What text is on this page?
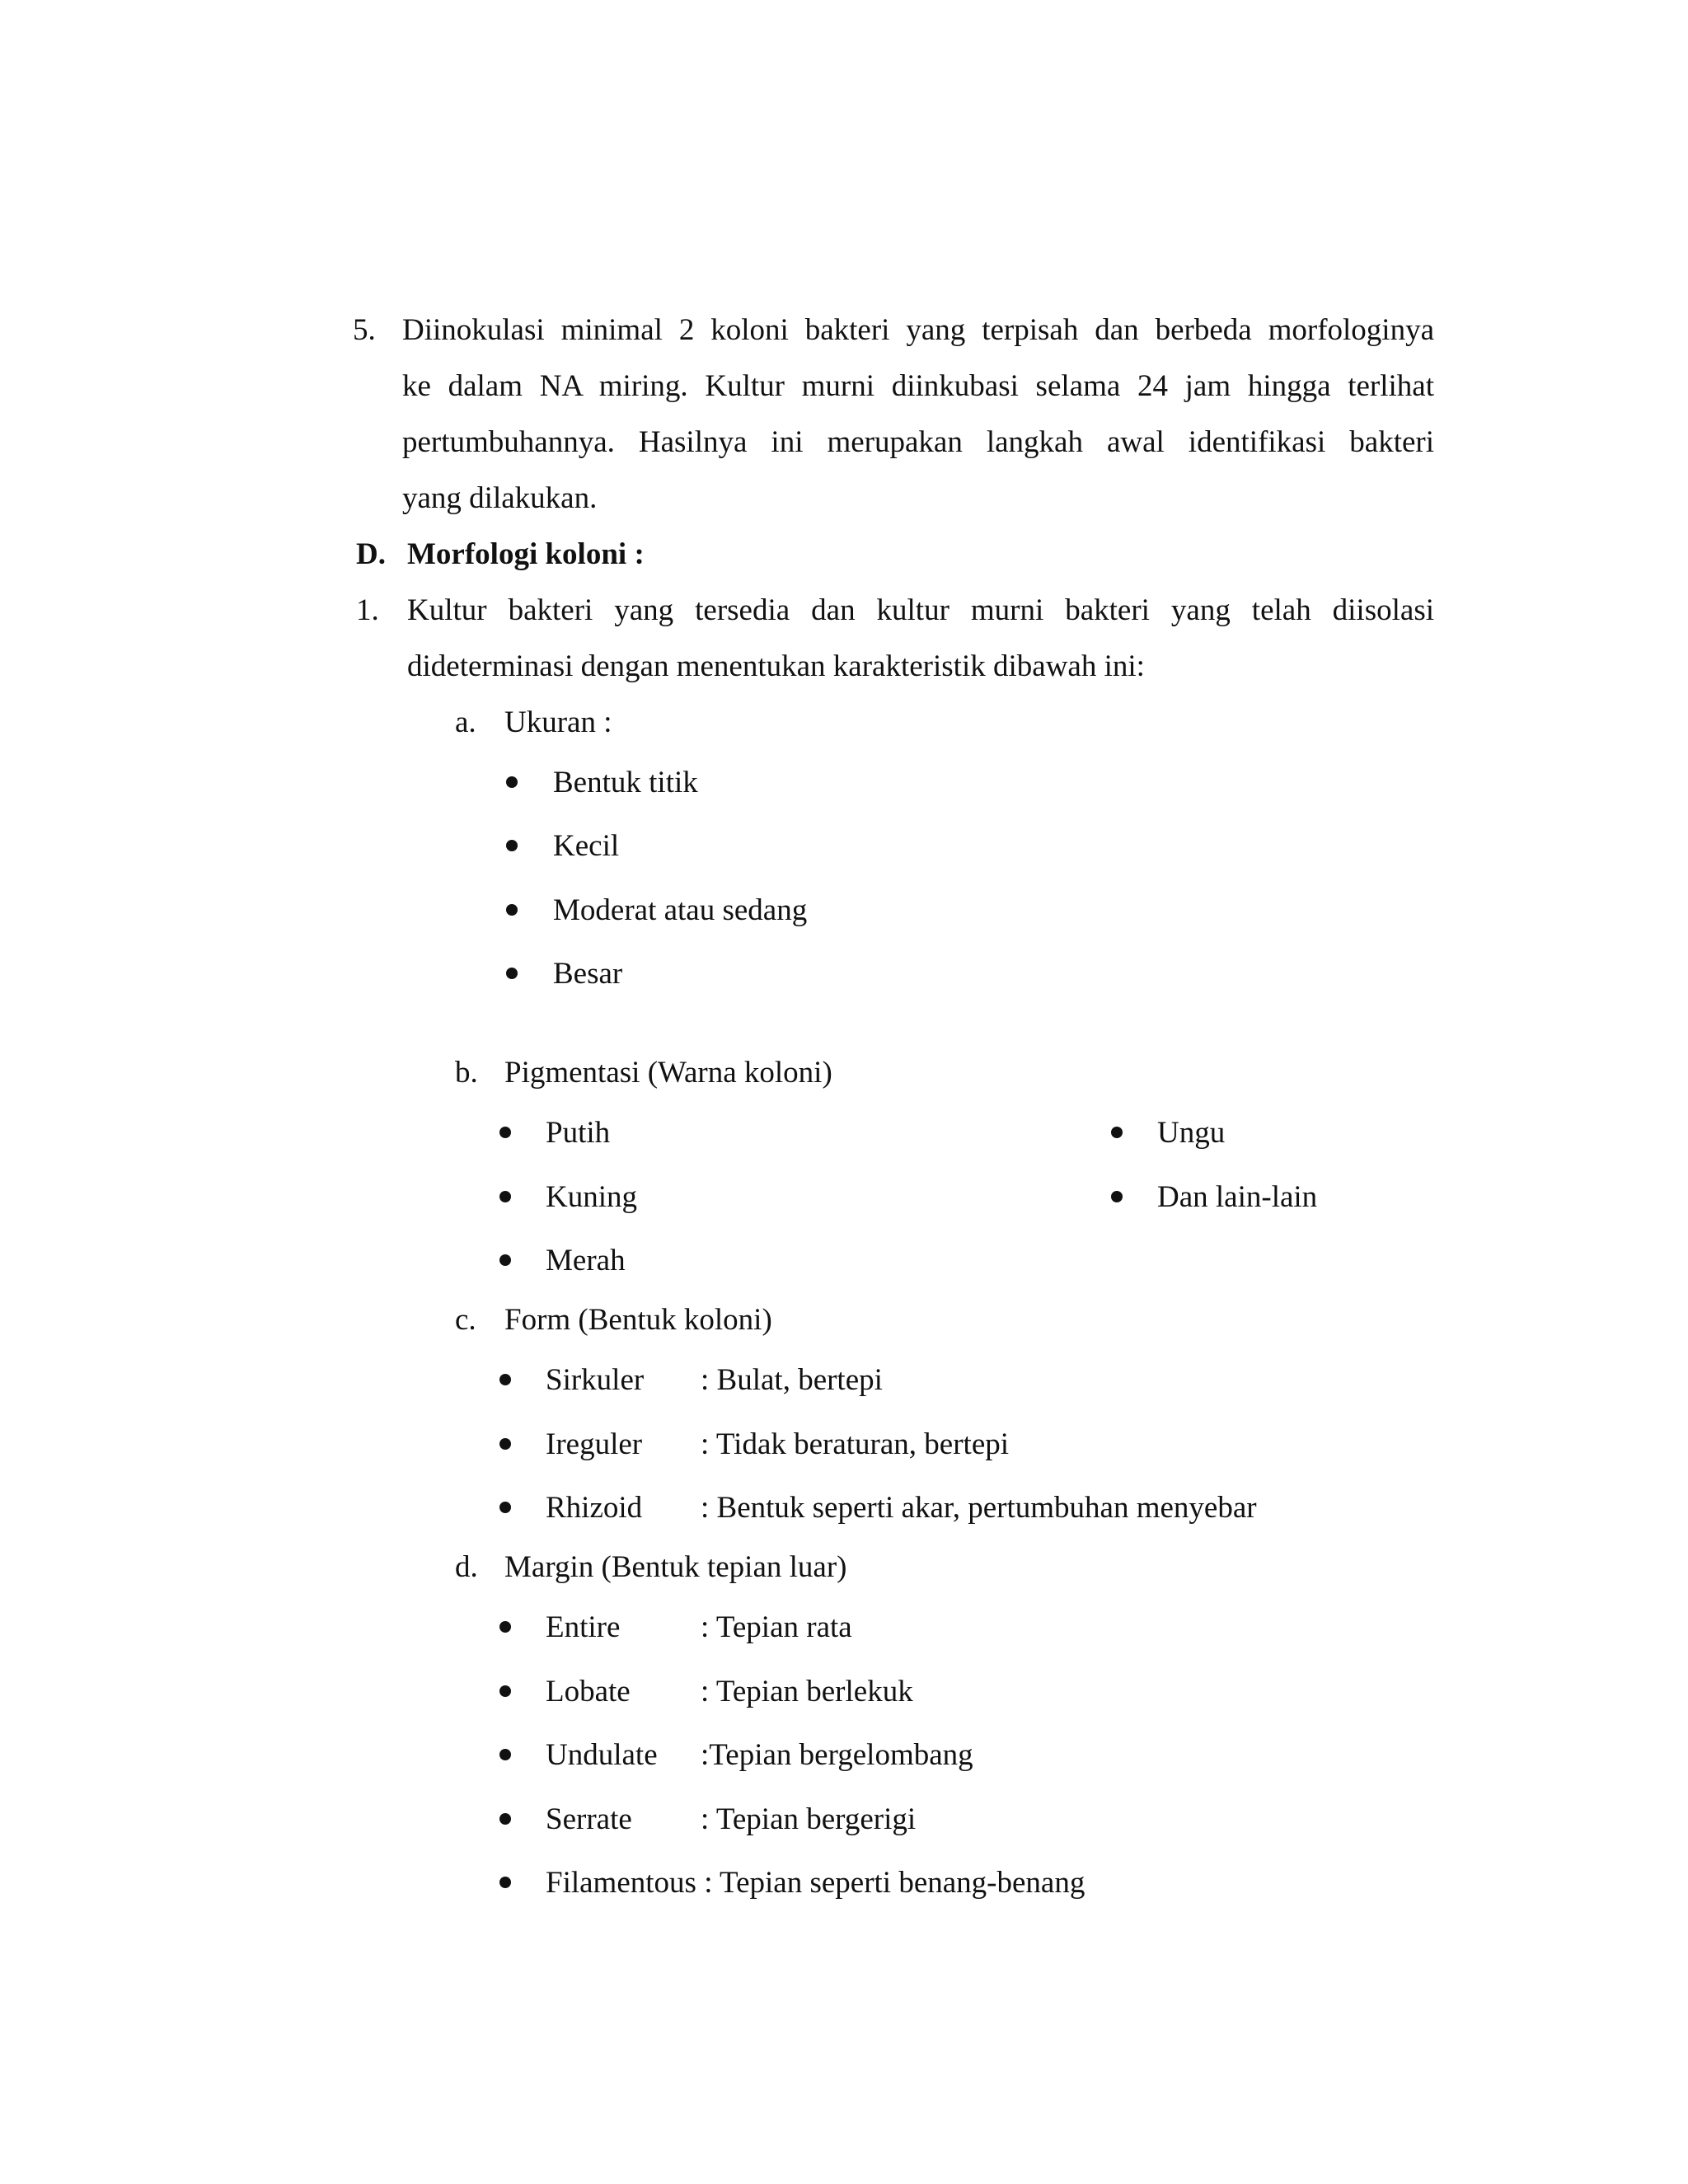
5. Diinokulasi minimal 2 koloni bakteri yang terpisah dan berbeda morfologinya
ke dalam NA miring. Kultur murni diinkubasi selama 24 jam hingga terlihat
pertumbuhannya. Hasilnya ini merupakan langkah awal identifikasi bakteri
yang dilakukan.
D. Morfologi koloni :
1. Kultur bakteri yang tersedia dan kultur murni bakteri yang telah diisolasi
dideterminasi dengan menentukan karakteristik dibawah ini:
a. Ukuran :
Bentuk titik
Kecil
Moderat atau sedang
Besar
b. Pigmentasi (Warna koloni)
Putih
Kuning
Merah
Ungu
Dan lain-lain
c. Form (Bentuk koloni)
Sirkuler : Bulat, bertepi
Ireguler : Tidak beraturan, bertepi
Rhizoid : Bentuk seperti akar, pertumbuhan menyebar
d. Margin (Bentuk tepian luar)
Entire	: Tepian rata
Lobate : Tepian berlekuk
Undulate :Tepian bergelombang
Serrate : Tepian bergerigi
Filamentous : Tepian seperti benang-benang
